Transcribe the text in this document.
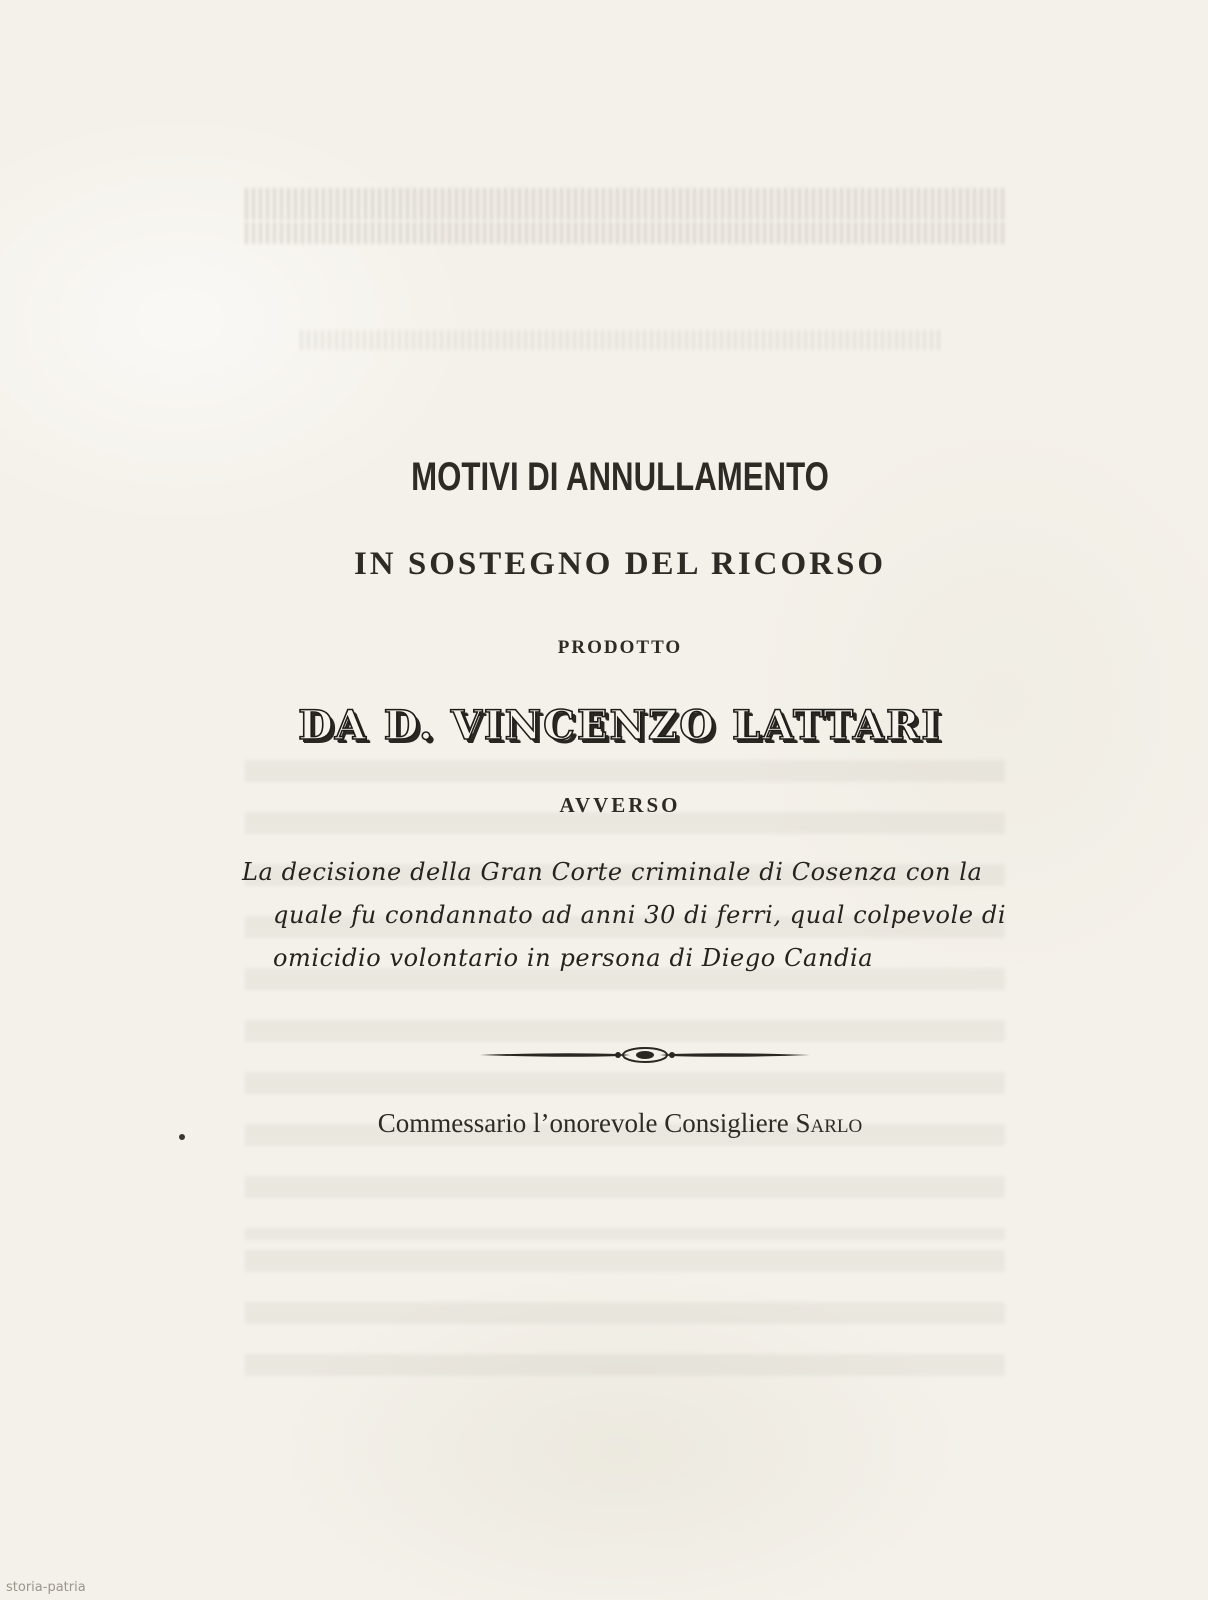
MOTIVI DI ANNULLAMENTO
IN SOSTEGNO DEL RICORSO
PRODOTTO
DA D. VINCENZO LATTARI
AVVERSO
La decisione della Gran Corte criminale di Cosenza con la
quale fu condannato ad anni 30 di ferri, qual colpevole di
omicidio volontario in persona di Diego Candia
Commessario l’onorevole Consigliere Sarlo
storia-patria
